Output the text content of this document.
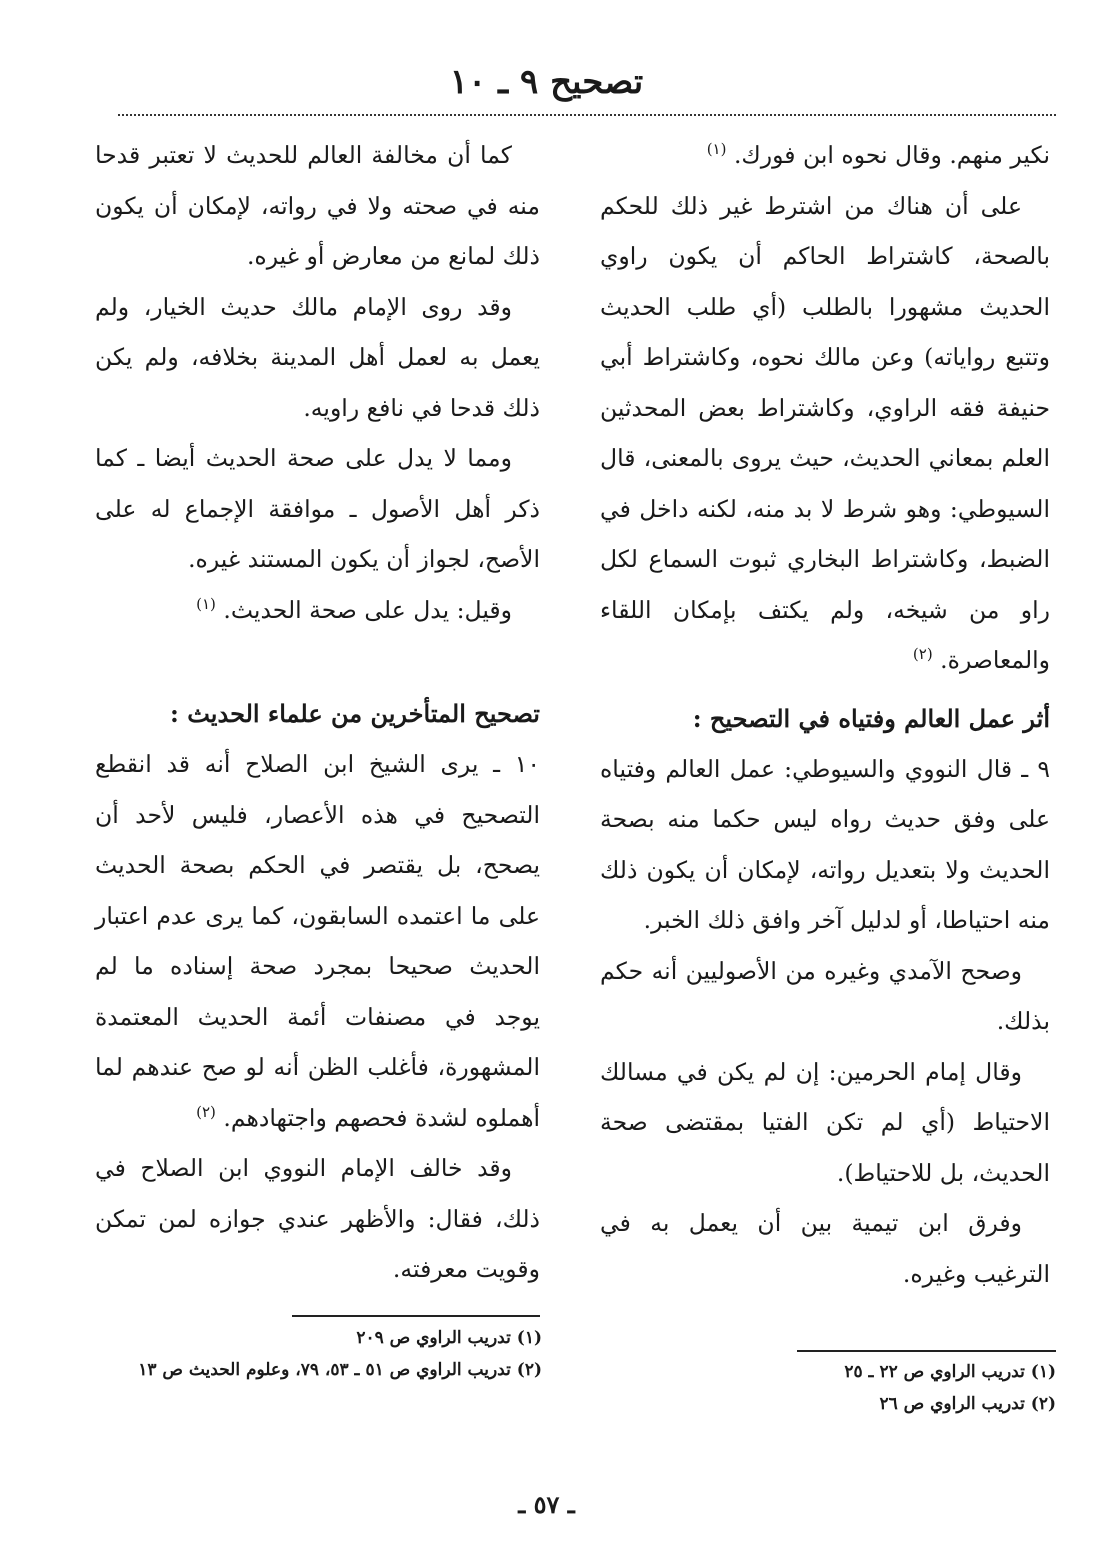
تصحيح ٩ ـ ١٠

نكير منهم. وقال نحوه ابن فورك. $^{(١)}$

على أن هناك من اشترط غير ذلك للحكم بالصحة، كاشتراط الحاكم أن يكون راوي الحديث مشهورا بالطلب (أي طلب الحديث وتتبع رواياته) وعن مالك نحوه، وكاشتراط أبي حنيفة فقه الراوي، وكاشتراط بعض المحدثين العلم بمعاني الحديث، حيث يروى بالمعنى، قال السيوطي: وهو شرط لا بد منه، لكنه داخل في الضبط، وكاشتراط البخاري ثبوت السماع لكل راو من شيخه، ولم يكتف بإمكان اللقاء والمعاصرة. $^{(٢)}$

أثر عمل العالم وفتياه في التصحيح :

٩ ـ قال النووي والسيوطي: عمل العالم وفتياه على وفق حديث رواه ليس حكما منه بصحة الحديث ولا بتعديل رواته، لإمكان أن يكون ذلك منه احتياطا، أو لدليل آخر وافق ذلك الخبر.

وصحح الآمدي وغيره من الأصوليين أنه حكم بذلك.

وقال إمام الحرمين: إن لم يكن في مسالك الاحتياط (أي لم تكن الفتيا بمقتضى صحة الحديث، بل للاحتياط).

وفرق ابن تيمية بين أن يعمل به في الترغيب وغيره.

كما أن مخالفة العالم للحديث لا تعتبر قدحا منه في صحته ولا في رواته، لإمكان أن يكون ذلك لمانع من معارض أو غيره.

وقد روى الإمام مالك حديث الخيار، ولم يعمل به لعمل أهل المدينة بخلافه، ولم يكن ذلك قدحا في نافع راويه.

ومما لا يدل على صحة الحديث أيضا ـ كما ذكر أهل الأصول ـ موافقة الإجماع له على الأصح، لجواز أن يكون المستند غيره.

وقيل: يدل على صحة الحديث. $^{(١)}$

تصحيح المتأخرين من علماء الحديث :

١٠ ـ يرى الشيخ ابن الصلاح أنه قد انقطع التصحيح في هذه الأعصار، فليس لأحد أن يصحح، بل يقتصر في الحكم بصحة الحديث على ما اعتمده السابقون، كما يرى عدم اعتبار الحديث صحيحا بمجرد صحة إسناده ما لم يوجد في مصنفات أئمة الحديث المعتمدة المشهورة، فأغلب الظن أنه لو صح عندهم لما أهملوه لشدة فحصهم واجتهادهم. $^{(٢)}$

وقد خالف الإمام النووي ابن الصلاح في ذلك، فقال: والأظهر عندي جوازه لمن تمكن وقويت معرفته.

(١) تدريب الراوي ص ٢٢ ـ ٢٥

(٢) تدريب الراوي ص ٢٦

(١) تدريب الراوي ص ٢٠٩

(٢) تدريب الراوي ص ٥١ ـ ٥٣، ٧٩، وعلوم الحديث ص ١٣

ـ ٥٧ ـ
